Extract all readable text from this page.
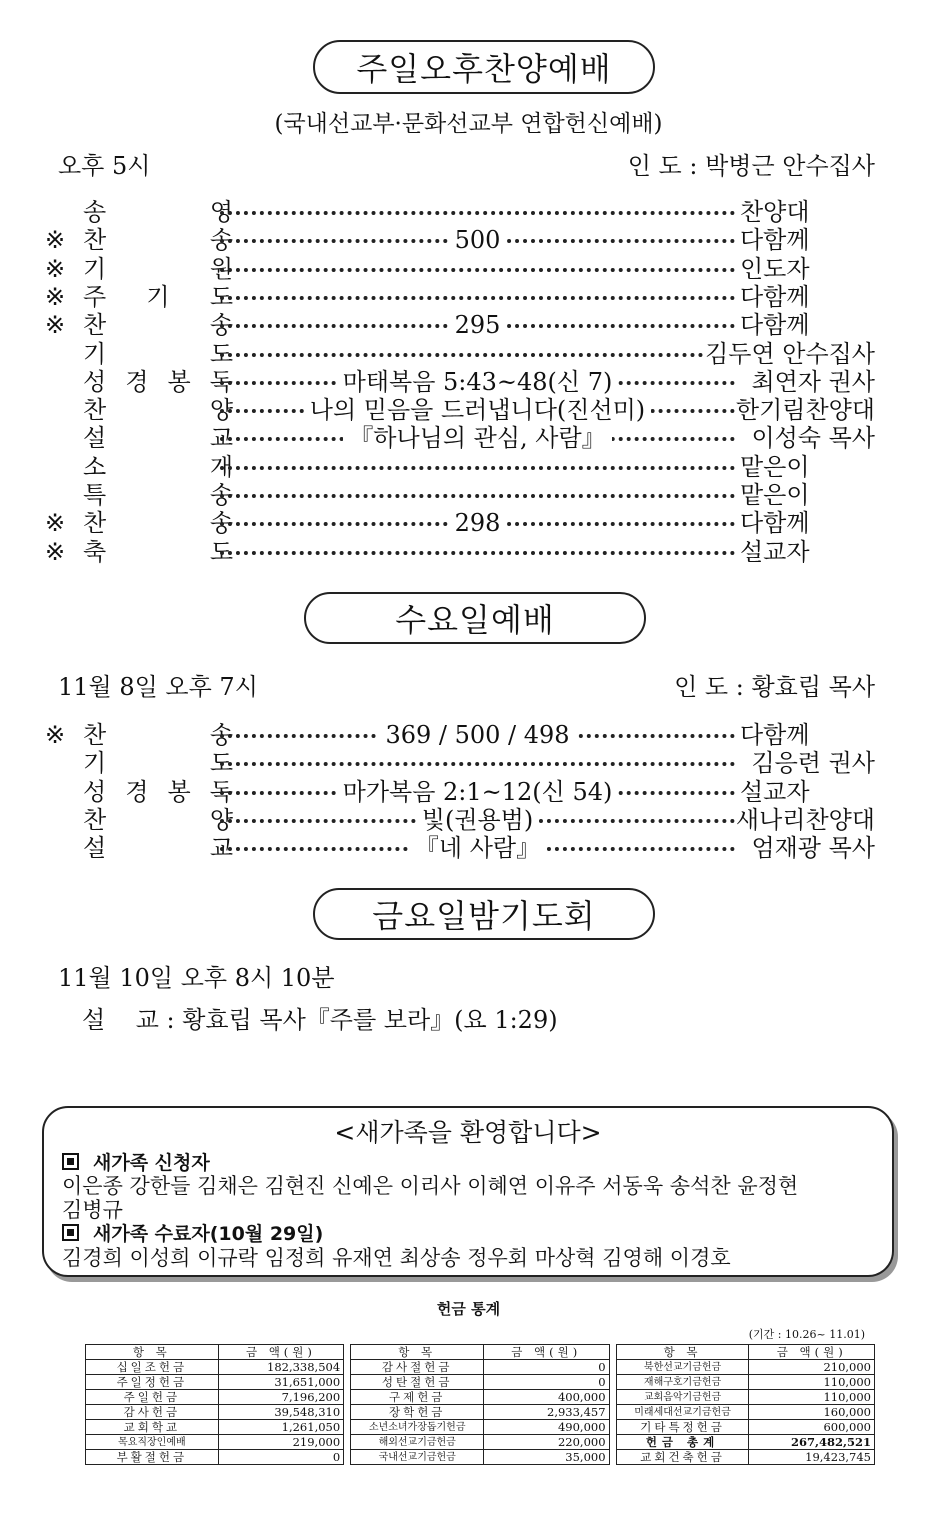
주일오후찬양예배
(국내선교부·문화선교부 연합헌신예배)
오후 5시	인 도 : 박병근 안수집사
송	영	찬양대
※ 찬	송	500	다함께
※ 기	원	인도자
※ 주 기 도	다함께
※ 찬	송	295	다함께
기	도	김두연 안수집사
성 경 봉 독	마태복음 5:43~48(신 7)	최연자 권사
찬	양	나의 믿음을 드러냅니다(진선미)	한기림찬양대
설	교	『하나님의 관심, 사람』	이성숙 목사
소	개	맡은이
특	송	맡은이
※ 찬	송	298	다함께
※ 축	도	설교자
수요일예배
11월 8일 오후 7시	인 도 : 황효립 목사
※ 찬	송	369 / 500 / 498	다함께
기	도	김응련 권사
성 경 봉 독	마가복음 2:1~12(신 54)	설교자
찬	양	빛(권용범)	새나리찬양대
설	교	『네 사람』	엄재광 목사
금요일밤기도회
11월 10일 오후 8시 10분
설    교 : 황효립 목사『주를 보라』(요 1:29)
<새가족을 환영합니다>
새가족 신청자
이은종 강한들 김채은 김현진 신예은 이리사 이혜연 이유주 서동욱 송석찬 윤정현
김병규
새가족 수료자(10월 29일)
김경희 이성희 이규락 임정희 유재연 최상송 정우회 마상혁 김영해 이경호
헌금 통계
(기간 : 10.26~ 11.01)
항 목	금 액(원)		항 목	금 액(원)		항 목	금 액(원)
십일조헌금	182,338,504		감사절헌금	0		북한선교기금헌금	210,000
주일정헌금	31,651,000		성탄절헌금	0		재해구호기금헌금	110,000
주일헌금	7,196,200		구제헌금	400,000		교회음악기금헌금	110,000
감사헌금	39,548,310		장학헌금	2,933,457		미래세대선교기금헌금	160,000
교회학교	1,261,050		소년소녀가장돕기헌금	490,000		기타특정헌금	600,000
목요직장인예배	219,000		해외선교기금헌금	220,000		헌금 총계	267,482,521
부활절헌금	0		국내선교기금헌금	35,000		교회건축헌금	19,423,745
